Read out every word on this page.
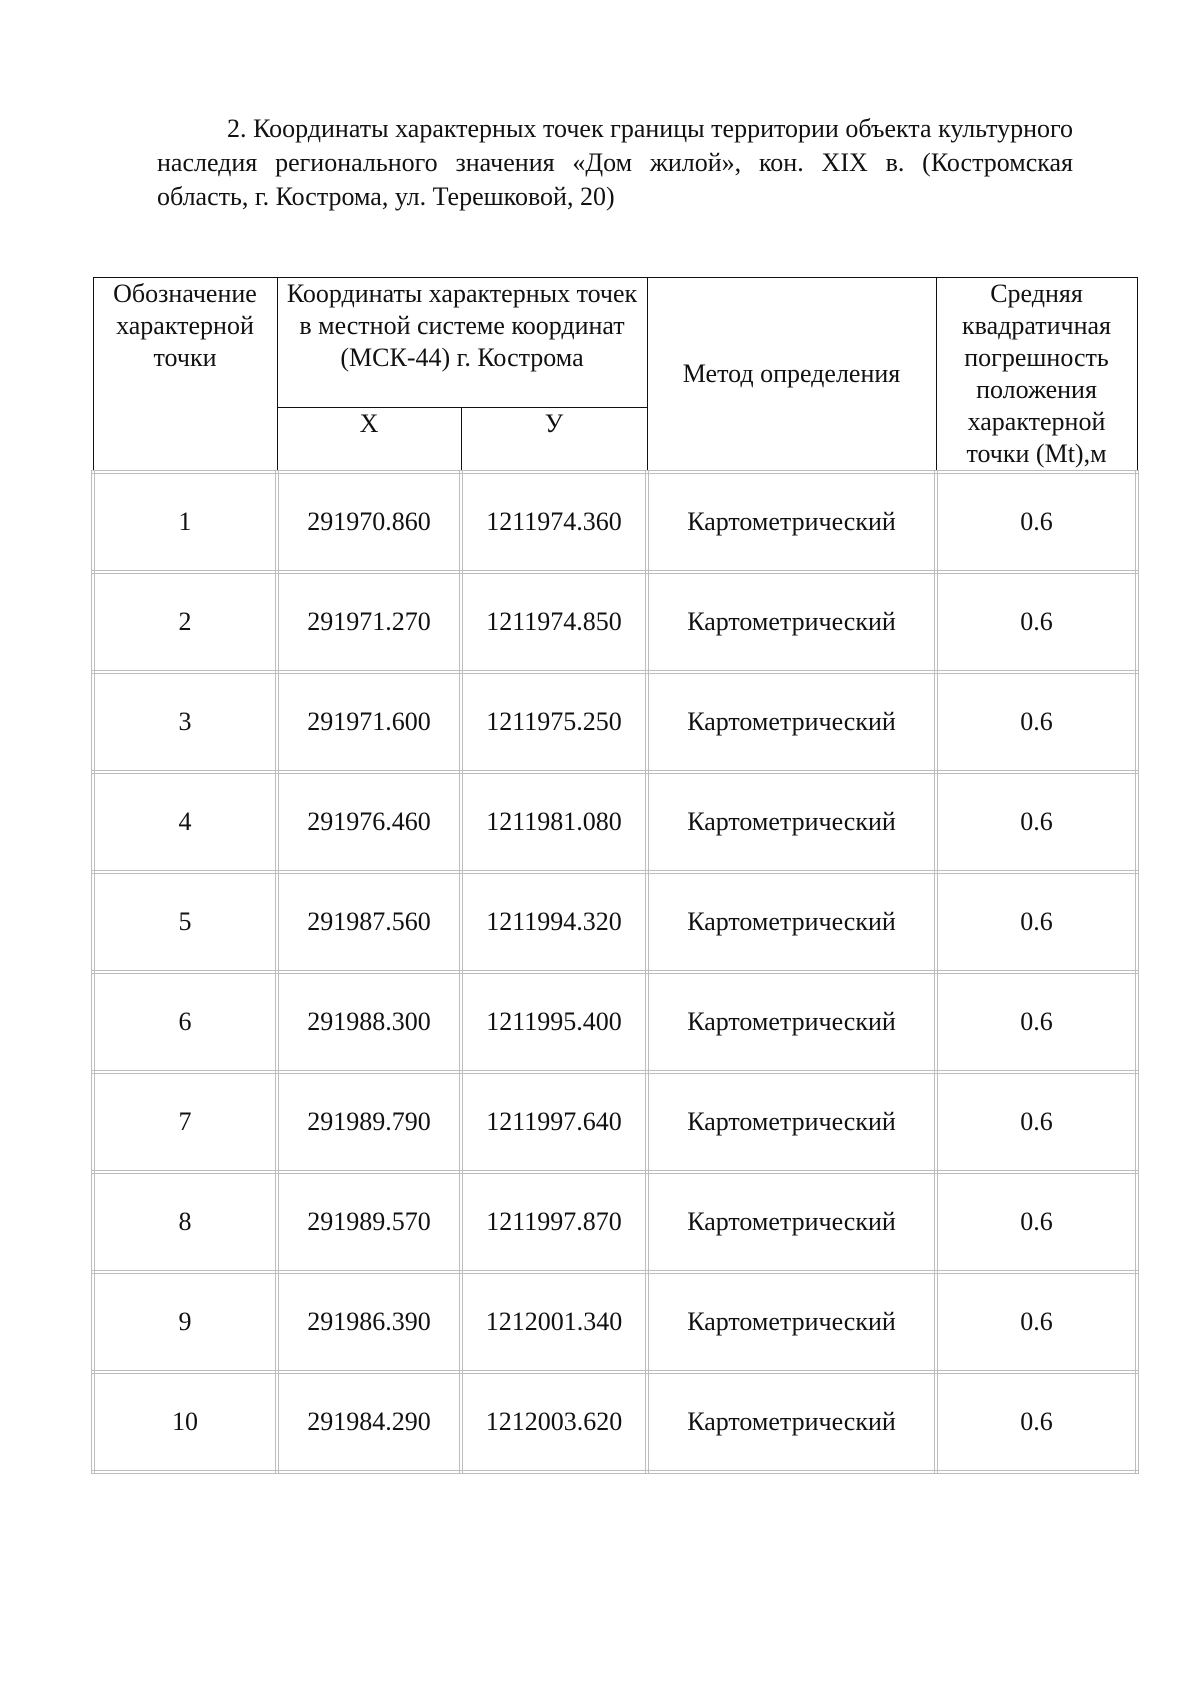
2. Координаты характерных точек границы территории объекта культурного наследия регионального значения «Дом жилой», кон. XIX в. (Костромская область, г. Кострома, ул. Терешковой, 20)

Обозначение характерной точки	Координаты характерных точек в местной системе координат (МСК-44) г. Кострома		Метод определения	Средняя квадратичная погрешность положения характерной точки (Mt),м
	Х	У		
1	291970.860	1211974.360	Картометрический	0.6
2	291971.270	1211974.850	Картометрический	0.6
3	291971.600	1211975.250	Картометрический	0.6
4	291976.460	1211981.080	Картометрический	0.6
5	291987.560	1211994.320	Картометрический	0.6
6	291988.300	1211995.400	Картометрический	0.6
7	291989.790	1211997.640	Картометрический	0.6
8	291989.570	1211997.870	Картометрический	0.6
9	291986.390	1212001.340	Картометрический	0.6
10	291984.290	1212003.620	Картометрический	0.6
